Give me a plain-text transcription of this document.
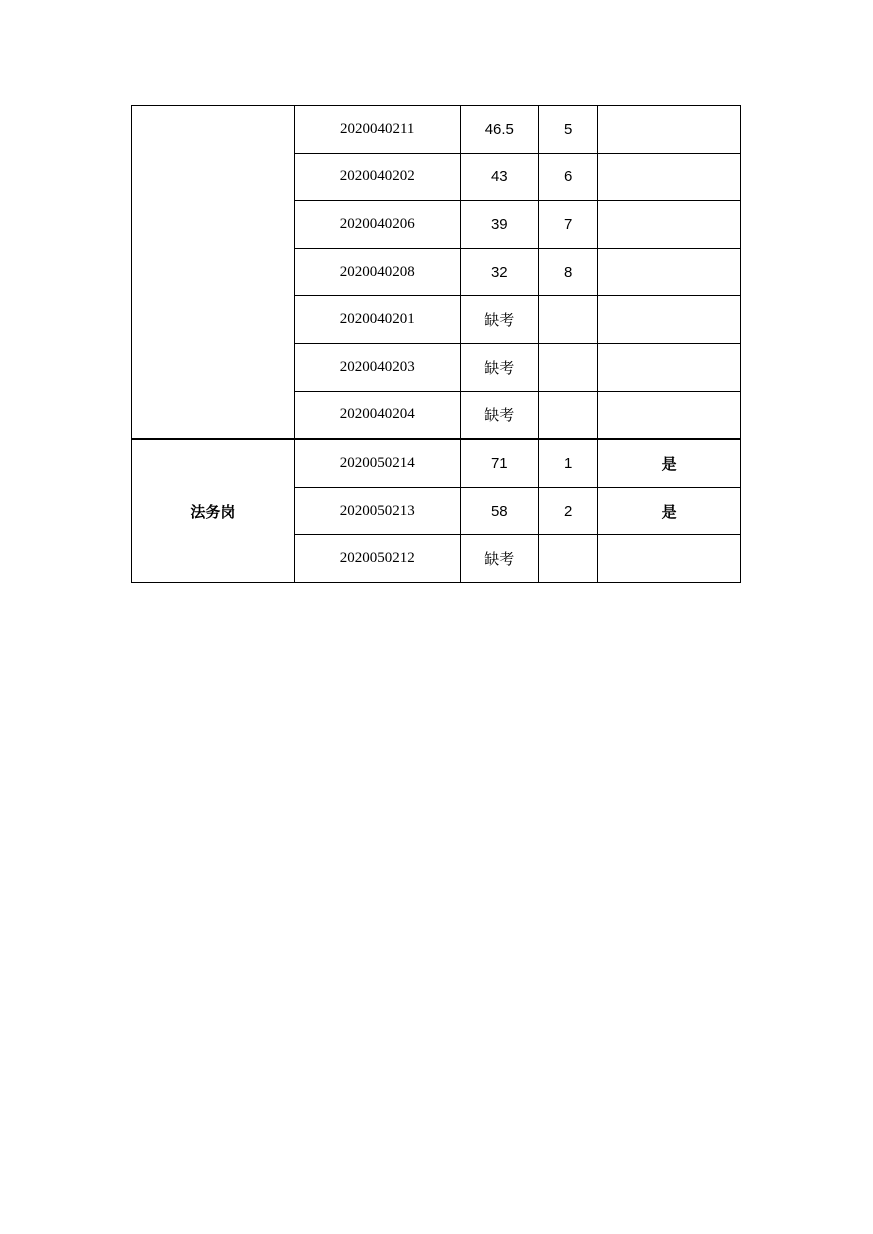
	2020040211	46.5	5	
	2020040202	43	6	
	2020040206	39	7	
	2020040208	32	8	
	2020040201	缺考		
	2020040203	缺考		
	2020040204	缺考		
法务岗	2020050214	71	1	是
	2020050213	58	2	是
	2020050212	缺考		
